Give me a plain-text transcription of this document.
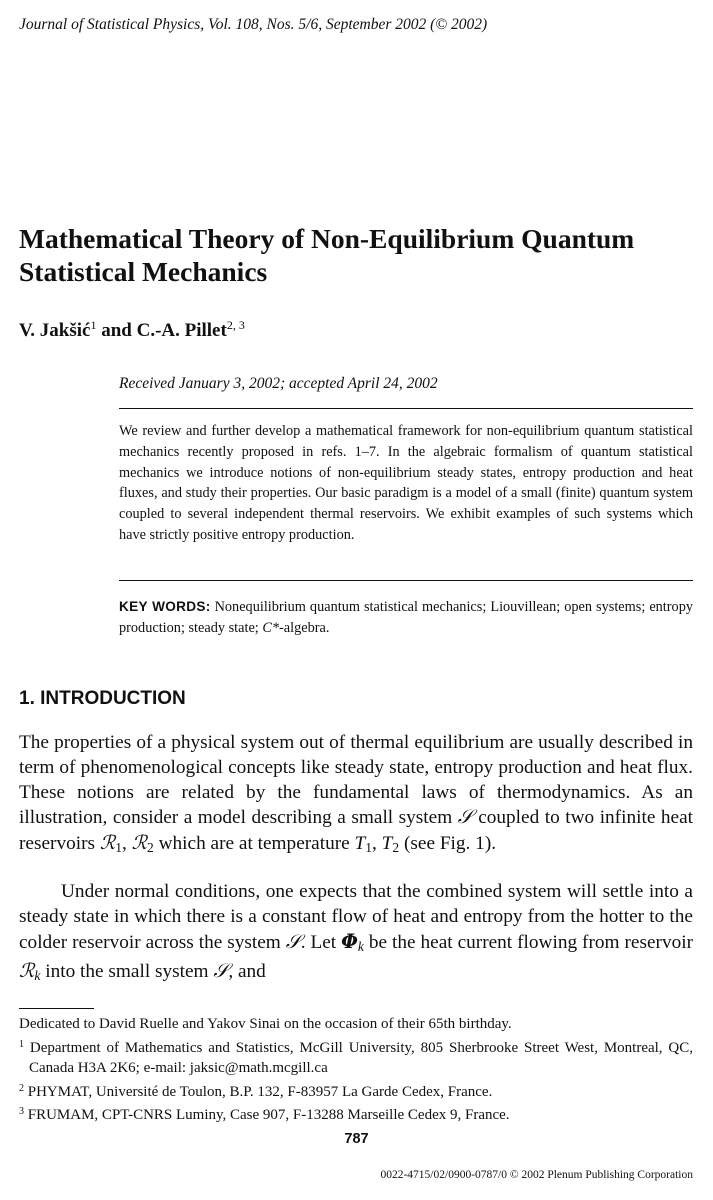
Journal of Statistical Physics, Vol. 108, Nos. 5/6, September 2002 (© 2002)
Mathematical Theory of Non-Equilibrium Quantum Statistical Mechanics
V. Jakšić$^1$ and C.-A. Pillet$^{2, 3}$
Received January 3, 2002; accepted April 24, 2002
We review and further develop a mathematical framework for non-equilibrium quantum statistical mechanics recently proposed in refs. 1–7. In the algebraic formalism of quantum statistical mechanics we introduce notions of non-equilibrium steady states, entropy production and heat fluxes, and study their properties. Our basic paradigm is a model of a small (finite) quantum system coupled to several independent thermal reservoirs. We exhibit examples of such systems which have strictly positive entropy production.
KEY WORDS: Nonequilibrium quantum statistical mechanics; Liouvillean; open systems; entropy production; steady state; C*-algebra.
1. INTRODUCTION
The properties of a physical system out of thermal equilibrium are usually described in term of phenomenological concepts like steady state, entropy production and heat flux. These notions are related by the fundamental laws of thermodynamics. As an illustration, consider a model describing a small system 𝒮 coupled to two infinite heat reservoirs ℛ$_1$, ℛ$_2$ which are at temperature $T_1$, $T_2$ (see Fig. 1).
Under normal conditions, one expects that the combined system will settle into a steady state in which there is a constant flow of heat and entropy from the hotter to the colder reservoir across the system 𝒮. Let $\Phi_k$ be the heat current flowing from reservoir ℛ$_k$ into the small system 𝒮, and
Dedicated to David Ruelle and Yakov Sinai on the occasion of their 65th birthday.
$^1$ Department of Mathematics and Statistics, McGill University, 805 Sherbrooke Street West, Montreal, QC, Canada H3A 2K6; e-mail: jaksic@math.mcgill.ca
$^2$ PHYMAT, Université de Toulon, B.P. 132, F-83957 La Garde Cedex, France.
$^3$ FRUMAM, CPT-CNRS Luminy, Case 907, F-13288 Marseille Cedex 9, France.
787
0022-4715/02/0900-0787/0 © 2002 Plenum Publishing Corporation
